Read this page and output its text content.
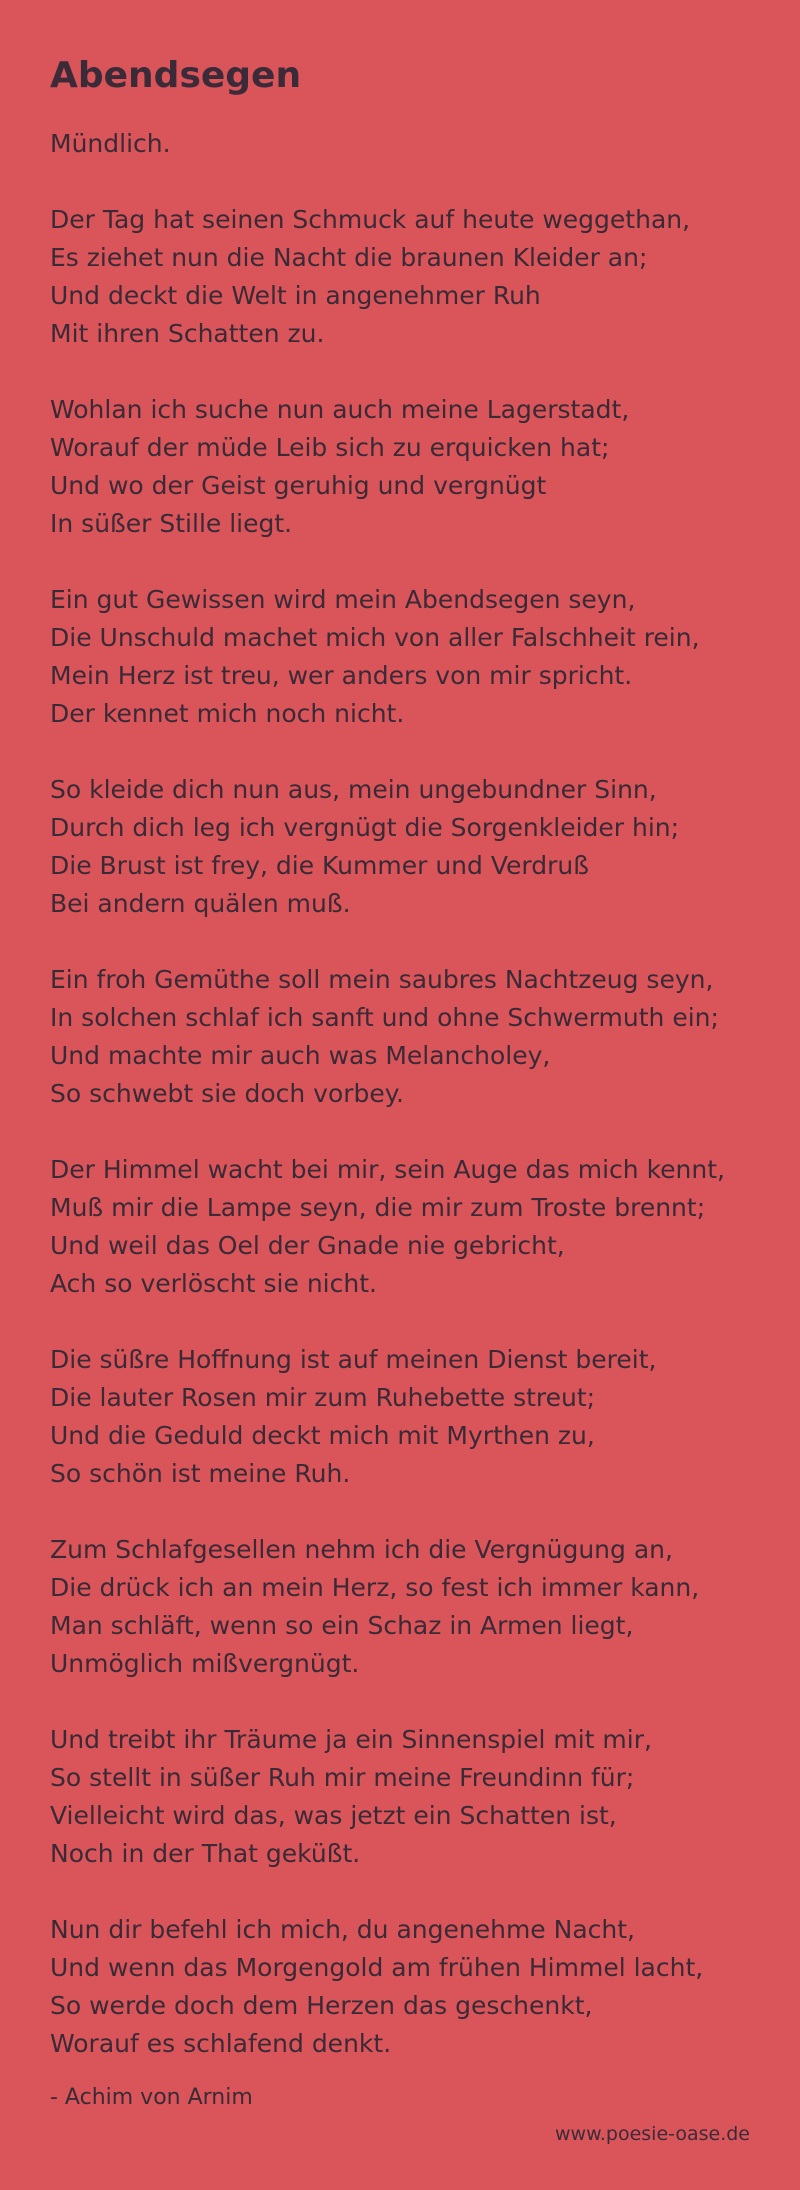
Abendsegen
Mündlich.
Der Tag hat seinen Schmuck auf heute weggethan,
Es ziehet nun die Nacht die braunen Kleider an;
Und deckt die Welt in angenehmer Ruh
Mit ihren Schatten zu.
Wohlan ich suche nun auch meine Lagerstadt,
Worauf der müde Leib sich zu erquicken hat;
Und wo der Geist geruhig und vergnügt
In süßer Stille liegt.
Ein gut Gewissen wird mein Abendsegen seyn,
Die Unschuld machet mich von aller Falschheit rein,
Mein Herz ist treu, wer anders von mir spricht.
Der kennet mich noch nicht.
So kleide dich nun aus, mein ungebundner Sinn,
Durch dich leg ich vergnügt die Sorgenkleider hin;
Die Brust ist frey, die Kummer und Verdruß
Bei andern quälen muß.
Ein froh Gemüthe soll mein saubres Nachtzeug seyn,
In solchen schlaf ich sanft und ohne Schwermuth ein;
Und machte mir auch was Melancholey,
So schwebt sie doch vorbey.
Der Himmel wacht bei mir, sein Auge das mich kennt,
Muß mir die Lampe seyn, die mir zum Troste brennt;
Und weil das Oel der Gnade nie gebricht,
Ach so verlöscht sie nicht.
Die süßre Hoffnung ist auf meinen Dienst bereit,
Die lauter Rosen mir zum Ruhebette streut;
Und die Geduld deckt mich mit Myrthen zu,
So schön ist meine Ruh.
Zum Schlafgesellen nehm ich die Vergnügung an,
Die drück ich an mein Herz, so fest ich immer kann,
Man schläft, wenn so ein Schaz in Armen liegt,
Unmöglich mißvergnügt.
Und treibt ihr Träume ja ein Sinnenspiel mit mir,
So stellt in süßer Ruh mir meine Freundinn für;
Vielleicht wird das, was jetzt ein Schatten ist,
Noch in der That geküßt.
Nun dir befehl ich mich, du angenehme Nacht,
Und wenn das Morgengold am frühen Himmel lacht,
So werde doch dem Herzen das geschenkt,
Worauf es schlafend denkt.
- Achim von Arnim
www.poesie-oase.de
